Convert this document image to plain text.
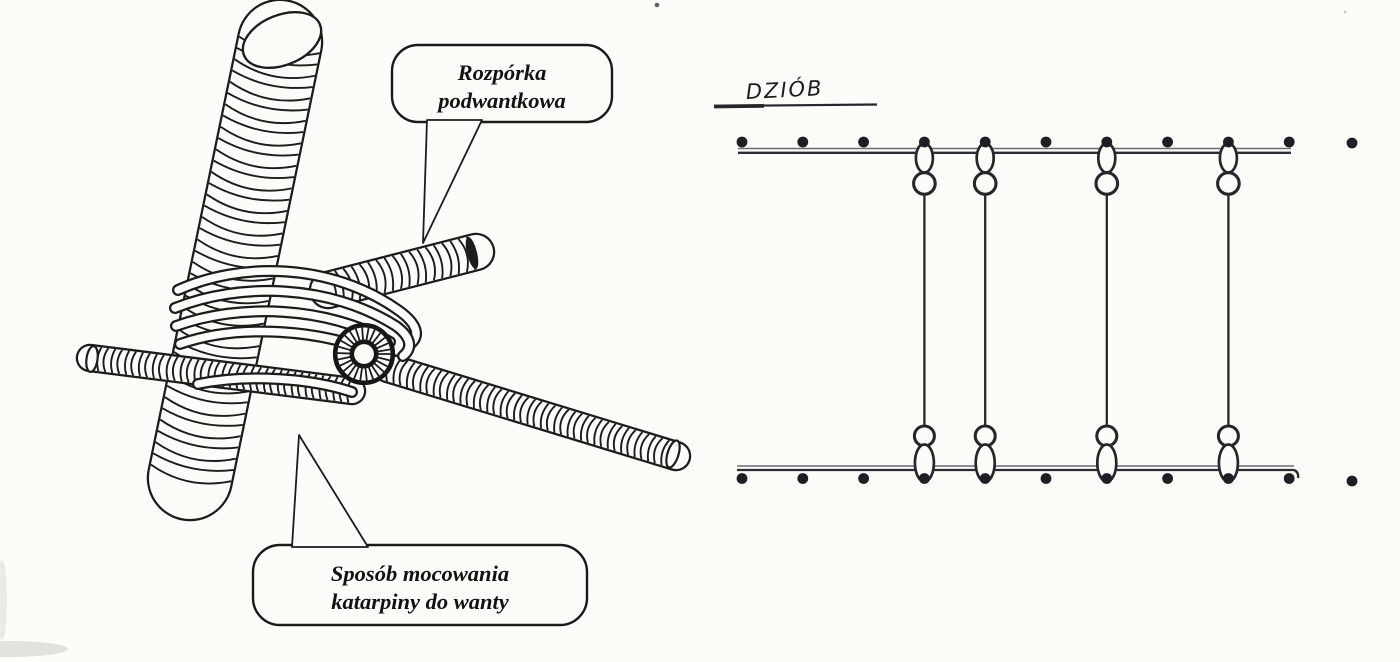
Rozpórka
podwantkowa
Sposób mocowania
katarpiny do wanty
DZIÓB
